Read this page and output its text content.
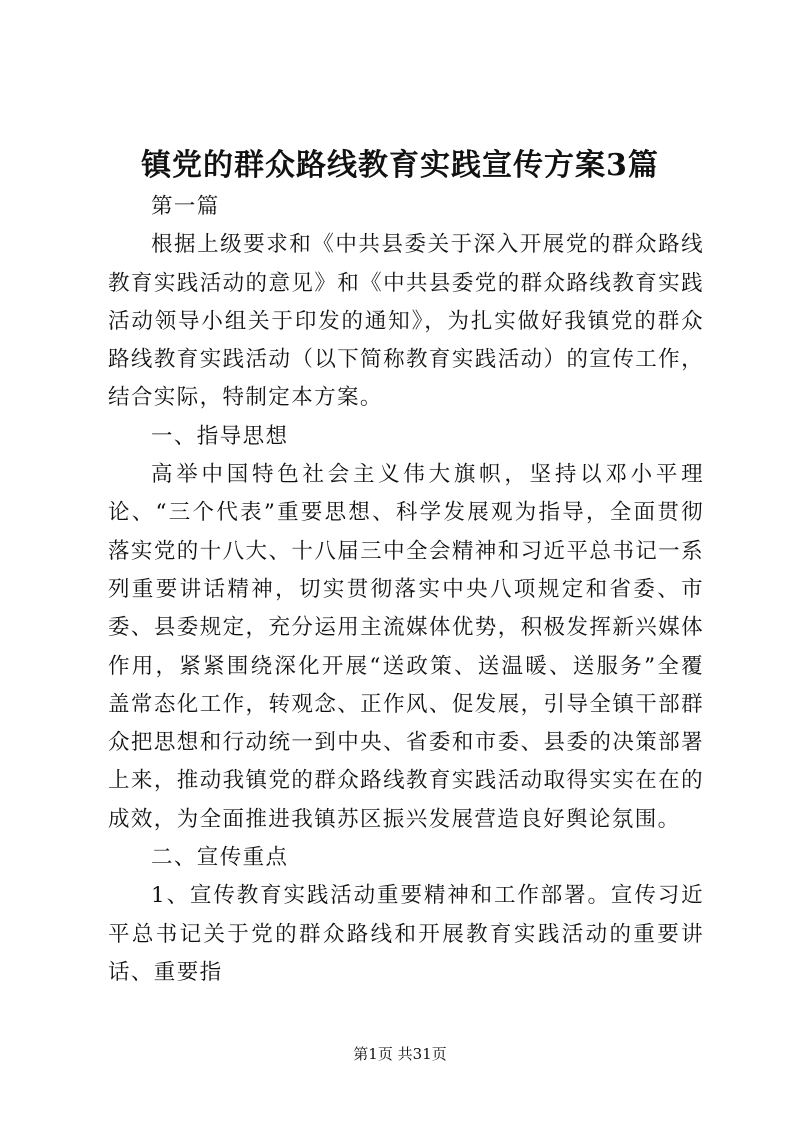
镇党的群众路线教育实践宣传方案3篇

第一篇

根据上级要求和《中共县委关于深入开展党的群众路线教育实践活动的意见》和《中共县委党的群众路线教育实践活动领导小组关于印发的通知》，为扎实做好我镇党的群众路线教育实践活动（以下简称教育实践活动）的宣传工作，结合实际，特制定本方案。

一、指导思想

高举中国特色社会主义伟大旗帜，坚持以邓小平理论、“三个代表”重要思想、科学发展观为指导，全面贯彻落实党的十八大、十八届三中全会精神和习近平总书记一系列重要讲话精神，切实贯彻落实中央八项规定和省委、市委、县委规定，充分运用主流媒体优势，积极发挥新兴媒体作用，紧紧围绕深化开展“送政策、送温暖、送服务”全覆盖常态化工作，转观念、正作风、促发展，引导全镇干部群众把思想和行动统一到中央、省委和市委、县委的决策部署上来，推动我镇党的群众路线教育实践活动取得实实在在的成效，为全面推进我镇苏区振兴发展营造良好舆论氛围。

二、宣传重点

1、宣传教育实践活动重要精神和工作部署。宣传习近平总书记关于党的群众路线和开展教育实践活动的重要讲话、重要指

第1页 共31页
